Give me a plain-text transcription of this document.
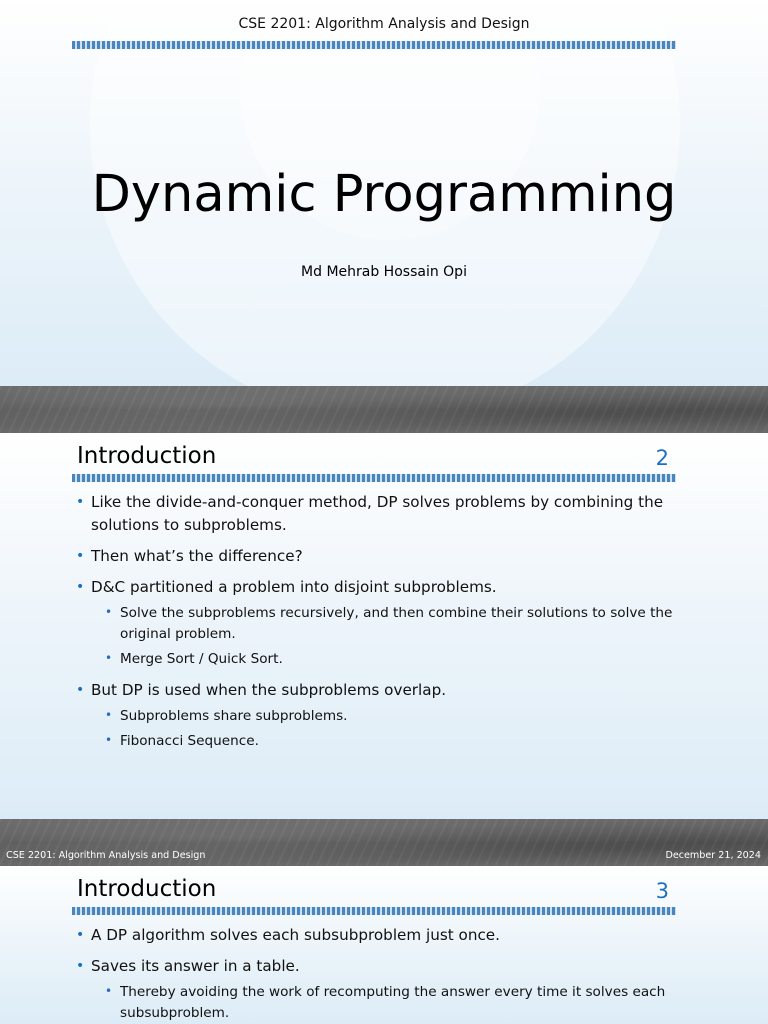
CSE 2201: Algorithm Analysis and Design
Dynamic Programming
Md Mehrab Hossain Opi
Introduction	2
• Like the divide-and-conquer method, DP solves problems by combining the solutions to subproblems.
• Then what’s the difference?
• D&C partitioned a problem into disjoint subproblems.
• Solve the subproblems recursively, and then combine their solutions to solve the original problem.
• Merge Sort / Quick Sort.
• But DP is used when the subproblems overlap.
• Subproblems share subproblems.
• Fibonacci Sequence.
CSE 2201: Algorithm Analysis and Design	December 21, 2024
Introduction	3
• A DP algorithm solves each subsubproblem just once.
• Saves its answer in a table.
• Thereby avoiding the work of recomputing the answer every time it solves each subsubproblem.
